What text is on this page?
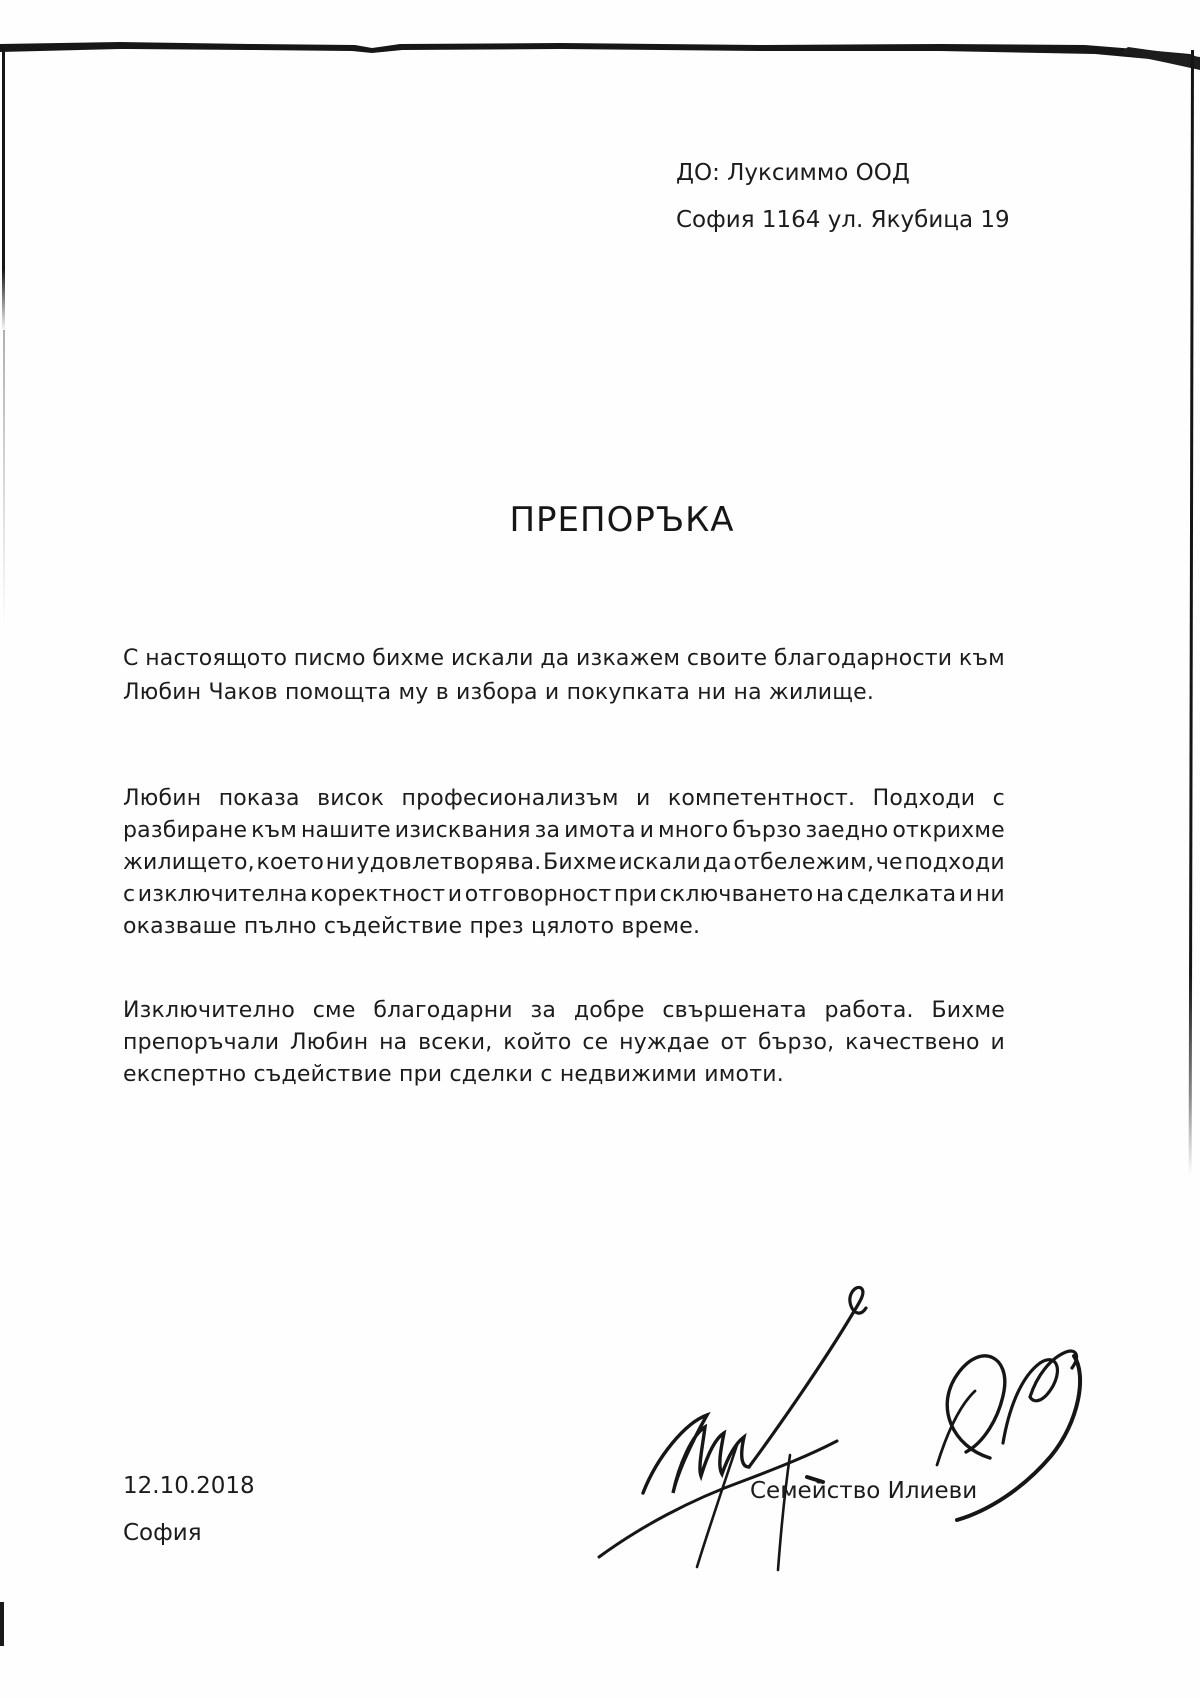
ДО: Луксиммо ООД
София 1164 ул. Якубица 19
ПРЕПОРЪКА
С настоящото писмо бихме искали да изкажем своите благодарности към
Любин Чаков помощта му в избора и покупката ни на жилище.
Любин показа висок професионализъм и компетентност. Подходи с
разбиране към нашите изисквания за имота и много бързо заедно открихме
жилището, което ни удовлетворява. Бихме искали да отбележим, че подходи
с изключителна коректност и отговорност при сключването на сделката и ни
оказваше пълно съдействие през цялото време.
Изключително сме благодарни за добре свършената работа. Бихме
препоръчали Любин на всеки, който се нуждае от бързо, качествено и
експертно съдействие при сделки с недвижими имоти.
Семейство Илиеви
12.10.2018
София
